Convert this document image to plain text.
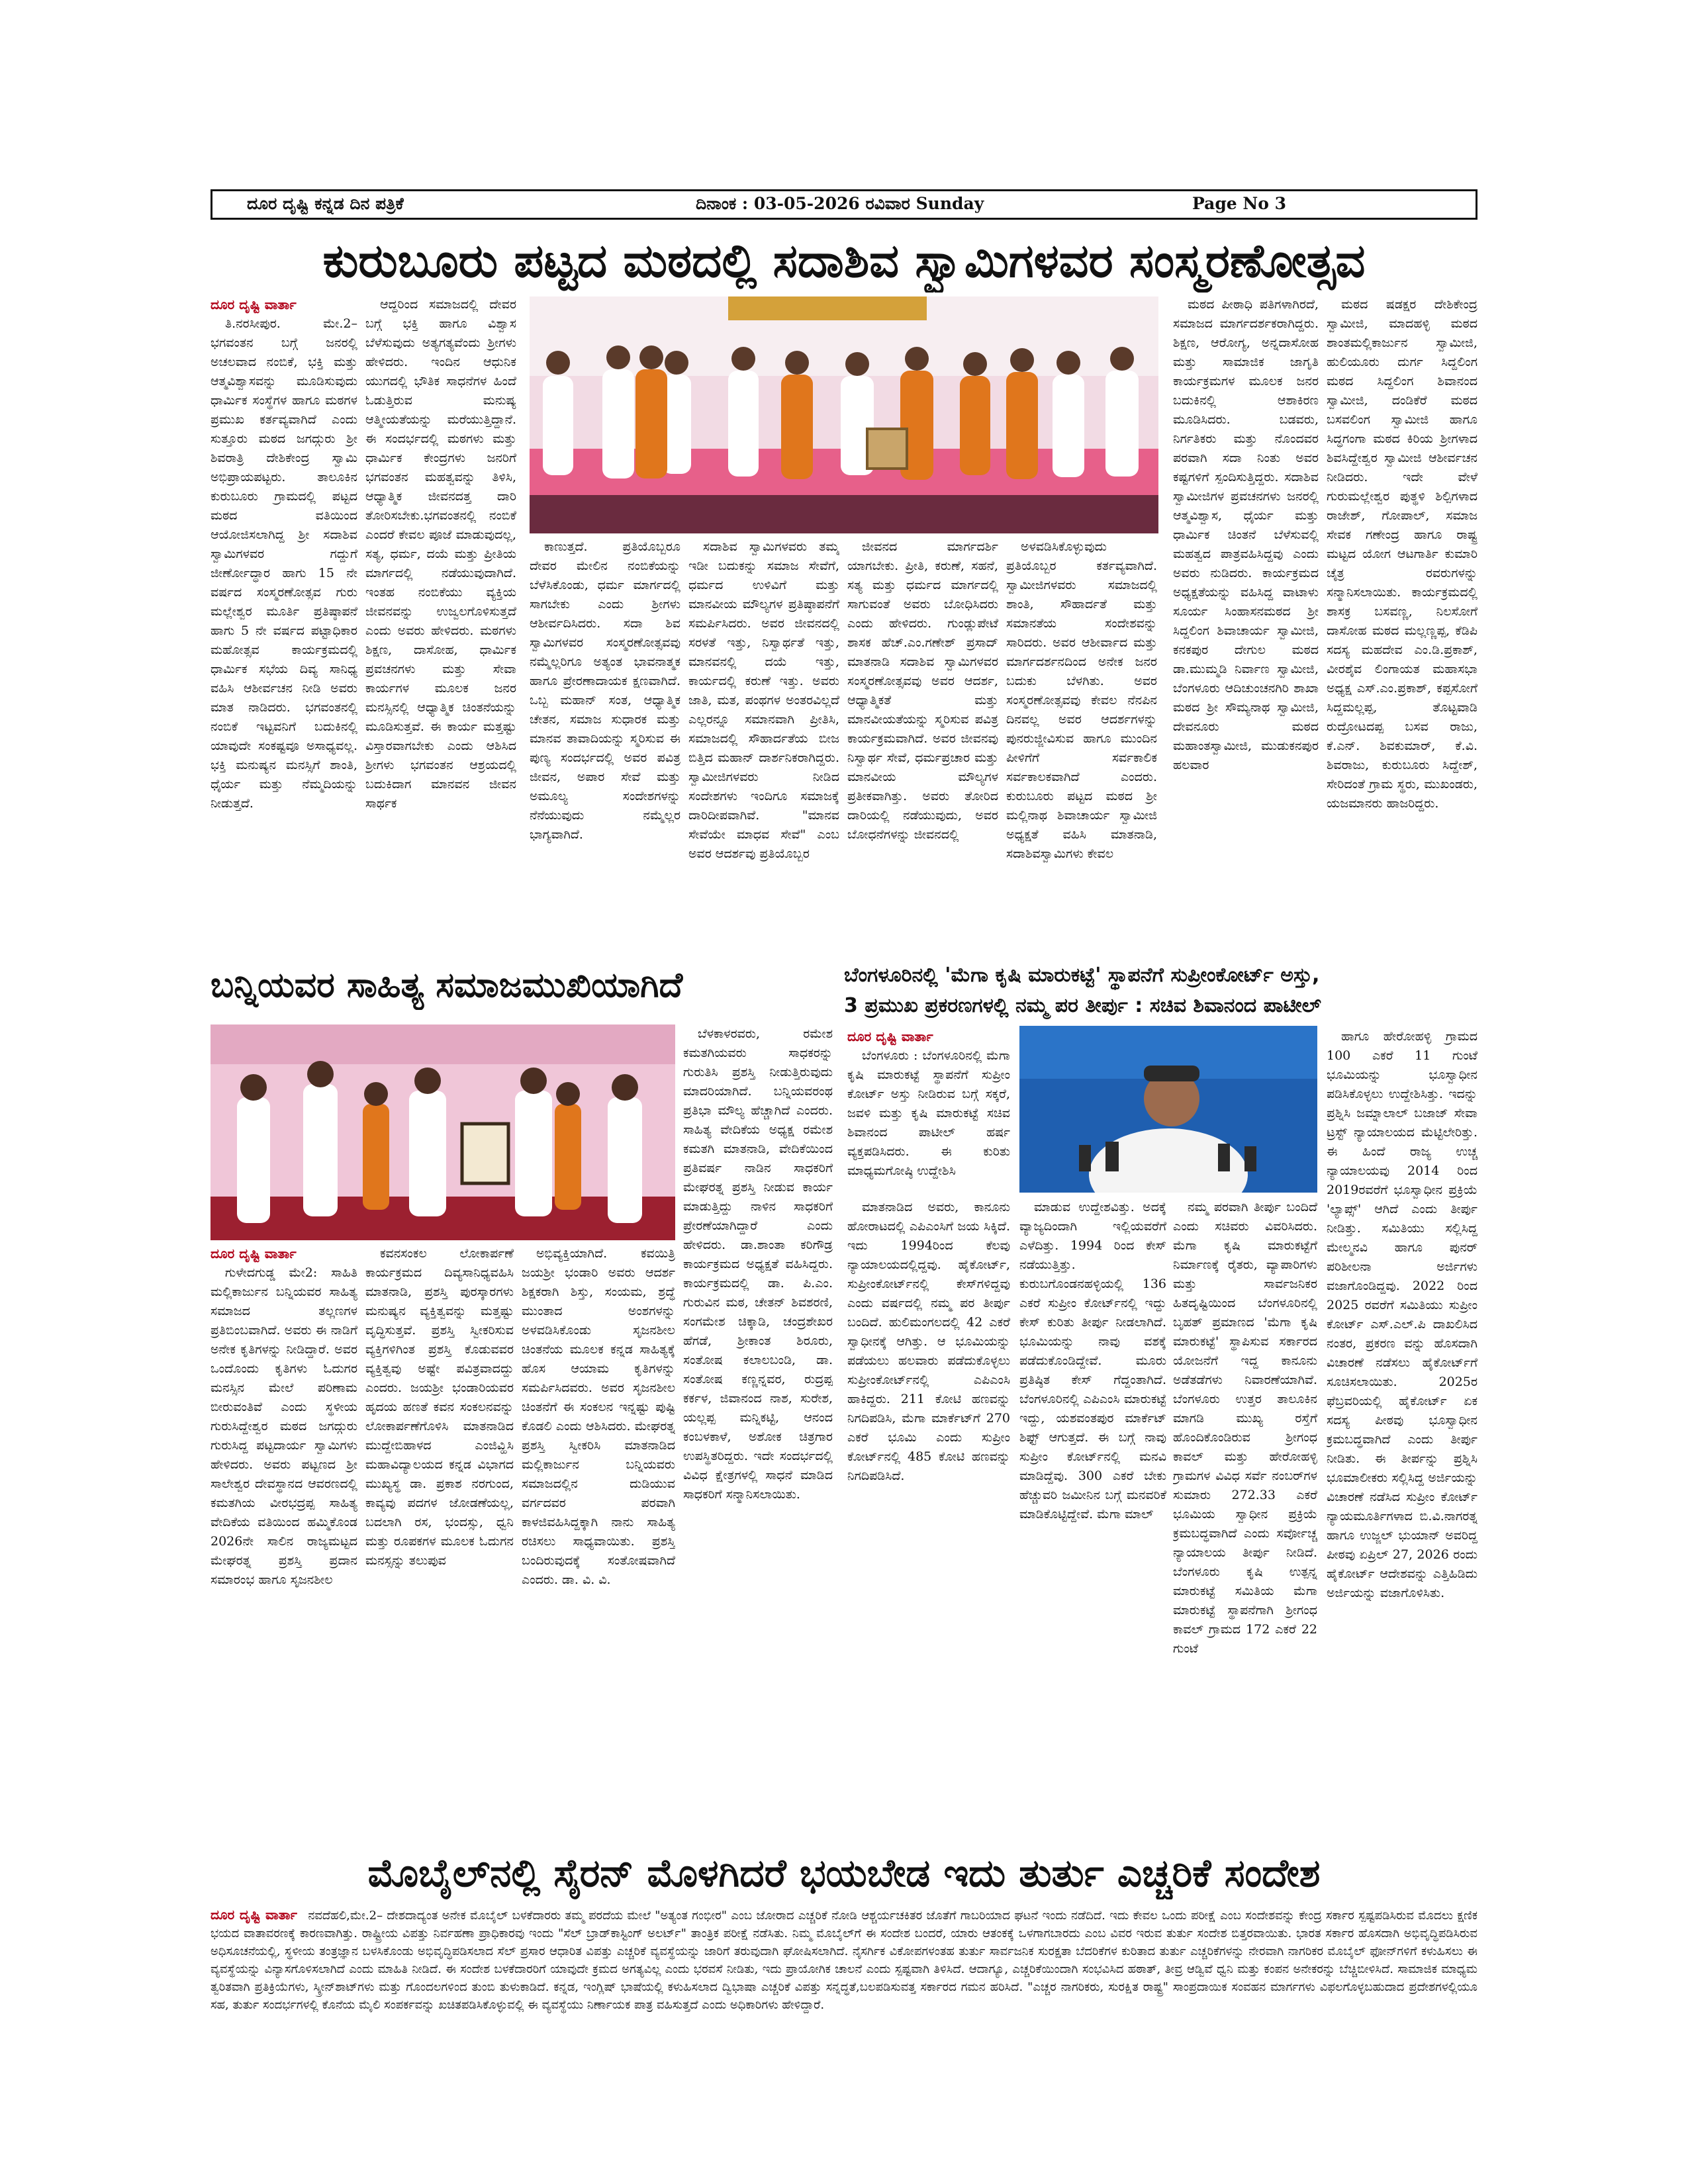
ದೂರ ದೃಷ್ಟಿ ಕನ್ನಡ ದಿನ ಪತ್ರಿಕೆ	ದಿನಾಂಕ : 03-05-2026 ರವಿವಾರ Sunday	Page No 3
ಕುರುಬೂರು ಪಟ್ಟದ ಮಠದಲ್ಲಿ ಸದಾಶಿವ ಸ್ವಾಮಿಗಳವರ ಸಂಸ್ಮರಣೋತ್ಸವ
ದೂರ ದೃಷ್ಟಿ ವಾರ್ತಾ

ತಿ.ನರಸೀಪುರ. ಮೇ.2– ಭಗವಂತನ ಬಗ್ಗೆ ಜನರಲ್ಲಿ ಅಚಲವಾದ ನಂಬಿಕೆ, ಭಕ್ತಿ ಮತ್ತು ಆತ್ಮವಿಶ್ವಾಸವನ್ನು ಮೂಡಿಸುವುದು ಧಾರ್ಮಿಕ ಸಂಸ್ಥೆಗಳ ಹಾಗೂ ಮಠಗಳ ಪ್ರಮುಖ ಕರ್ತವ್ಯವಾಗಿದೆ ಎಂದು ಸುತ್ತೂರು ಮಠದ ಜಗದ್ಗುರು ಶ್ರೀ ಶಿವರಾತ್ರಿ ದೇಶಿಕೇಂದ್ರ ಸ್ವಾಮಿ ಅಭಿಪ್ರಾಯಪಟ್ಟರು. ತಾಲೂಕಿನ ಕುರುಬೂರು ಗ್ರಾಮದಲ್ಲಿ ಪಟ್ಟದ ಮಠದ ವತಿಯಿಂದ ಆಯೋಜಿಸಲಾಗಿದ್ದ ಶ್ರೀ ಸದಾಶಿವ ಸ್ವಾಮಿಗಳವರ ಗದ್ದುಗೆ ಜೀರ್ಣೋದ್ಧಾರ ಹಾಗು 15 ನೇ ವರ್ಷದ ಸಂಸ್ಮರಣೋತ್ಸವ ಗುರು ಮಲ್ಲೇಶ್ವರ ಮೂರ್ತಿ ಪ್ರತಿಷ್ಠಾಪನೆ ಹಾಗು 5 ನೇ ವರ್ಷದ ಪಟ್ಟಾಧಿಕಾರ ಮಹೋತ್ಸವ ಕಾರ್ಯಕ್ರಮದಲ್ಲಿ ಧಾರ್ಮಿಕ ಸಭೆಯ ದಿವ್ಯ ಸಾನಿಧ್ಯ ವಹಿಸಿ ಆಶೀರ್ವಚನ ನೀಡಿ ಅವರು ಮಾತ ನಾಡಿದರು. ಭಗವಂತನಲ್ಲಿ ನಂಬಿಕೆ ಇಟ್ಟವನಿಗೆ ಬದುಕಿನಲ್ಲಿ ಯಾವುದೇ ಸಂಕಷ್ಟವೂ ಅಸಾಧ್ಯವಲ್ಲ. ಭಕ್ತಿ ಮನುಷ್ಯನ ಮನಸ್ಸಿಗೆ ಶಾಂತಿ, ಧೈರ್ಯ ಮತ್ತು ನೆಮ್ಮದಿಯನ್ನು ನೀಡುತ್ತದೆ.

ಆದ್ದರಿಂದ ಸಮಾಜದಲ್ಲಿ ದೇವರ ಬಗ್ಗೆ ಭಕ್ತಿ ಹಾಗೂ ವಿಶ್ವಾಸ ಬೆಳೆಸುವುದು ಅತ್ಯಗತ್ಯವೆಂದು ಶ್ರೀಗಳು ಹೇಳಿದರು. ಇಂದಿನ ಆಧುನಿಕ ಯುಗದಲ್ಲಿ ಭೌತಿಕ ಸಾಧನೆಗಳ ಹಿಂದೆ ಓಡುತ್ತಿರುವ ಮನುಷ್ಯ ಆತ್ಮೀಯತೆಯನ್ನು ಮರೆಯುತ್ತಿದ್ದಾನೆ. ಈ ಸಂದರ್ಭದಲ್ಲಿ ಮಠಗಳು ಮತ್ತು ಧಾರ್ಮಿಕ ಕೇಂದ್ರಗಳು ಜನರಿಗೆ ಭಗವಂತನ ಮಹತ್ವವನ್ನು ತಿಳಿಸಿ, ಆಧ್ಯಾತ್ಮಿಕ ಜೀವನದತ್ತ ದಾರಿ ತೋರಿಸಬೇಕು.ಭಗವಂತನಲ್ಲಿ ನಂಬಿಕೆ ಎಂದರೆ ಕೇವಲ ಪೂಜೆ ಮಾಡುವುದಲ್ಲ, ಸತ್ಯ, ಧರ್ಮ, ದಯೆ ಮತ್ತು ಪ್ರೀತಿಯ ಮಾರ್ಗದಲ್ಲಿ ನಡೆಯುವುದಾಗಿದೆ. ಇಂತಹ ನಂಬಿಕೆಯು ವ್ಯಕ್ತಿಯ ಜೀವನವನ್ನು ಉಜ್ವಲಗೊಳಿಸುತ್ತದೆ ಎಂದು ಅವರು ಹೇಳಿದರು. ಮಠಗಳು ಶಿಕ್ಷಣ, ದಾಸೋಹ, ಧಾರ್ಮಿಕ ಪ್ರವಚನಗಳು ಮತ್ತು ಸೇವಾ ಕಾರ್ಯಗಳ ಮೂಲಕ ಜನರ ಮನಸ್ಸಿನಲ್ಲಿ ಆಧ್ಯಾತ್ಮಿಕ ಚಿಂತನೆಯನ್ನು ಮೂಡಿಸುತ್ತವೆ. ಈ ಕಾರ್ಯ ಮತ್ತಷ್ಟು ವಿಸ್ತಾರವಾಗಬೇಕು ಎಂದು ಆಶಿಸಿದ ಶ್ರೀಗಳು ಭಗವಂತನ ಆಶ್ರಯದಲ್ಲಿ ಬದುಕಿದಾಗ ಮಾನವನ ಜೀವನ ಸಾರ್ಥಕ

ಕಾಣುತ್ತದೆ. ಪ್ರತಿಯೊಬ್ಬರೂ ದೇವರ ಮೇಲಿನ ನಂಬಿಕೆಯನ್ನು ಬೆಳೆಸಿಕೊಂಡು, ಧರ್ಮ ಮಾರ್ಗದಲ್ಲಿ ಸಾಗಬೇಕು ಎಂದು ಶ್ರೀಗಳು ಆಶೀರ್ವದಿಸಿದರು. ಸದಾ ಶಿವ ಸ್ವಾಮಿಗಳವರ ಸಂಸ್ಮರಣೋತ್ಸವವು ನಮ್ಮೆಲ್ಲರಿಗೂ ಅತ್ಯಂತ ಭಾವನಾತ್ಮಕ ಹಾಗೂ ಪ್ರೇರಣಾದಾಯಕ ಕ್ಷಣವಾಗಿದೆ. ಒಬ್ಬ ಮಹಾನ್ ಸಂತ, ಆಧ್ಯಾತ್ಮಿಕ ಚೇತನ, ಸಮಾಜ ಸುಧಾರಕ ಮತ್ತು ಮಾನವ ತಾವಾದಿಯನ್ನು ಸ್ಮರಿಸುವ ಈ ಪುಣ್ಯ ಸಂದರ್ಭದಲ್ಲಿ ಅವರ ಪವಿತ್ರ ಜೀವನ, ಅಪಾರ ಸೇವೆ ಮತ್ತು ಅಮೂಲ್ಯ ಸಂದೇಶಗಳನ್ನು ನೆನೆಯುವುದು ನಮ್ಮೆಲ್ಲರ ಭಾಗ್ಯವಾಗಿದೆ.

ಸದಾಶಿವ ಸ್ವಾಮಿಗಳವರು ತಮ್ಮ ಇಡೀ ಬದುಕನ್ನು ಸಮಾಜ ಸೇವೆಗೆ, ಧರ್ಮದ ಉಳಿವಿಗೆ ಮತ್ತು ಮಾನವೀಯ ಮೌಲ್ಯಗಳ ಪ್ರತಿಷ್ಠಾಪನೆಗೆ ಸಮರ್ಪಿಸಿದರು. ಅವರ ಜೀವನದಲ್ಲಿ ಸರಳತೆ ಇತ್ತು, ನಿಸ್ವಾರ್ಥತೆ ಇತ್ತು, ಮಾನವನಲ್ಲಿ ದಯೆ ಇತ್ತು, ಕಾರ್ಯದಲ್ಲಿ ಕರುಣೆ ಇತ್ತು. ಅವರು ಜಾತಿ, ಮತ, ಪಂಥಗಳ ಅಂತರವಿಲ್ಲದೆ ಎಲ್ಲರನ್ನೂ ಸಮಾನವಾಗಿ ಪ್ರೀತಿಸಿ, ಸಮಾಜದಲ್ಲಿ ಸೌಹಾರ್ದತೆಯ ಬೀಜ ಬಿತ್ತಿದ ಮಹಾನ್ ದಾರ್ಶನಿಕರಾಗಿದ್ದರು. ಸ್ವಾಮೀಜಿಗಳವರು ನೀಡಿದ ಸಂದೇಶಗಳು ಇಂದಿಗೂ ಸಮಾಜಕ್ಕೆ ದಾರಿದೀಪವಾಗಿವೆ. "ಮಾನವ ಸೇವೆಯೇ ಮಾಧವ ಸೇವೆ" ಎಂಬ ಅವರ ಆದರ್ಶವು ಪ್ರತಿಯೊಬ್ಬರ

ಜೀವನದ ಮಾರ್ಗದರ್ಶಿ ಯಾಗಬೇಕು. ಪ್ರೀತಿ, ಕರುಣೆ, ಸಹನೆ, ಸತ್ಯ ಮತ್ತು ಧರ್ಮದ ಮಾರ್ಗದಲ್ಲಿ ಸಾಗುವಂತೆ ಅವರು ಬೋಧಿಸಿದರು ಎಂದು ಹೇಳಿದರು. ಗುಂಡ್ಲುಪೇಟೆ ಶಾಸಕ ಹೆಚ್.ಎಂ.ಗಣೇಶ್ ಪ್ರಸಾದ್ ಮಾತನಾಡಿ ಸದಾಶಿವ ಸ್ವಾಮಿಗಳವರ ಸಂಸ್ಮರಣೋತ್ಸವವು ಅವರ ಆದರ್ಶ, ಆಧ್ಯಾತ್ಮಿಕತೆ ಮತ್ತು ಮಾನವೀಯತೆಯನ್ನು ಸ್ಮರಿಸುವ ಪವಿತ್ರ ಕಾರ್ಯಕ್ರಮವಾಗಿದೆ. ಅವರ ಜೀವನವು ನಿಸ್ವಾರ್ಥ ಸೇವೆ, ಧರ್ಮಪ್ರಚಾರ ಮತ್ತು ಮಾನವೀಯ ಮೌಲ್ಯಗಳ ಪ್ರತೀಕವಾಗಿತ್ತು. ಅವರು ತೋರಿದ ದಾರಿಯಲ್ಲಿ ನಡೆಯುವುದು, ಅವರ ಬೋಧನೆಗಳನ್ನು ಜೀವನದಲ್ಲಿ

ಅಳವಡಿಸಿಕೊಳ್ಳುವುದು ಪ್ರತಿಯೊಬ್ಬರ ಕರ್ತವ್ಯವಾಗಿದೆ. ಸ್ವಾಮೀಜಿಗಳವರು ಸಮಾಜದಲ್ಲಿ ಶಾಂತಿ, ಸೌಹಾರ್ದತೆ ಮತ್ತು ಸಮಾನತೆಯ ಸಂದೇಶವನ್ನು ಸಾರಿದರು. ಅವರ ಆಶೀರ್ವಾದ ಮತ್ತು ಮಾರ್ಗದರ್ಶನದಿಂದ ಅನೇಕ ಜನರ ಬದುಕು ಬೆಳಗಿತು. ಅವರ ಸಂಸ್ಮರಣೋತ್ಸವವು ಕೇವಲ ನೆನಪಿನ ದಿನವಲ್ಲ ಅವರ ಆದರ್ಶಗಳನ್ನು ಪುನರುಜ್ಜೀವಿಸುವ ಹಾಗೂ ಮುಂದಿನ ಪೀಳಿಗೆಗೆ ಸರ್ವಕಾಲಿಕ ಸರ್ವಕಾಲಕವಾಗಿದೆ ಎಂದರು. ಕುರುಬೂರು ಪಟ್ಟದ ಮಠದ ಶ್ರೀ ಮಲ್ಲಿನಾಥ ಶಿವಾಚಾರ್ಯ ಸ್ವಾಮೀಜಿ ಅಧ್ಯಕ್ಷತೆ ವಹಿಸಿ ಮಾತನಾಡಿ, ಸದಾಶಿವಸ್ವಾಮಿಗಳು ಕೇವಲ

ಮಠದ ಪೀಠಾಧಿ ಪತಿಗಳಾಗಿರದೆ, ಸಮಾಜದ ಮಾರ್ಗದರ್ಶಕರಾಗಿದ್ದರು. ಶಿಕ್ಷಣ, ಆರೋಗ್ಯ, ಅನ್ನದಾಸೋಹ ಮತ್ತು ಸಾಮಾಜಿಕ ಜಾಗೃತಿ ಕಾರ್ಯಕ್ರಮಗಳ ಮೂಲಕ ಜನರ ಬದುಕಿನಲ್ಲಿ ಆಶಾಕಿರಣ ಮೂಡಿಸಿದರು. ಬಡವರು, ನಿರ್ಗತಿಕರು ಮತ್ತು ನೊಂದವರ ಪರವಾಗಿ ಸದಾ ನಿಂತು ಅವರ ಕಷ್ಟಗಳಿಗೆ ಸ್ಪಂದಿಸುತ್ತಿದ್ದರು. ಸದಾಶಿವ ಸ್ವಾಮೀಜಿಗಳ ಪ್ರವಚನಗಳು ಜನರಲ್ಲಿ ಆತ್ಮವಿಶ್ವಾಸ, ಧೈರ್ಯ ಮತ್ತು ಧಾರ್ಮಿಕ ಚಿಂತನೆ ಬೆಳೆಸುವಲ್ಲಿ ಮಹತ್ವದ ಪಾತ್ರವಹಿಸಿದ್ದವು ಎಂದು ಅವರು ನುಡಿದರು. ಕಾರ್ಯಕ್ರಮದ ಅಧ್ಯಕ್ಷತೆಯನ್ನು ವಹಿಸಿದ್ದ ವಾಟಾಳು ಸೂರ್ಯ ಸಿಂಹಾಸನಮಠದ ಶ್ರೀ ಸಿದ್ದಲಿಂಗ ಶಿವಾಚಾರ್ಯ ಸ್ವಾಮೀಜಿ, ಕನಕಪುರ ದೇಗುಲ ಮಠದ ಡಾ.ಮುಮ್ಮಡಿ ನಿರ್ವಾಣ ಸ್ವಾಮೀಜಿ, ಬೆಂಗಳೂರು ಆದಿಚುಂಚನಗಿರಿ ಶಾಖಾ ಮಠದ ಶ್ರೀ ಸೌಮ್ಯನಾಥ ಸ್ವಾಮೀಜಿ, ದೇವನೂರು ಮಠದ ಮಹಾಂತಸ್ವಾಮೀಜಿ, ಮುಡುಕನಪುರ ಹಲವಾರ

ಮಠದ ಷಡಕ್ಷರ ದೇಶಿಕೇಂದ್ರ ಸ್ವಾಮೀಜಿ, ಮಾದಹಳ್ಳಿ ಮಠದ ಶಾಂತಮಲ್ಲಿಕಾರ್ಜುನ ಸ್ವಾಮೀಜಿ, ಹುಲಿಯೂರು ದುರ್ಗ ಸಿದ್ದಲಿಂಗ ಮಠದ ಸಿದ್ದಲಿಂಗ ಶಿವಾನಂದ ಸ್ವಾಮೀಜಿ, ದಂಡಿಕೆರೆ ಮಠದ ಬಸವಲಿಂಗ ಸ್ವಾಮೀಜಿ ಹಾಗೂ ಸಿದ್ಧಗಂಗಾ ಮಠದ ಕಿರಿಯ ಶ್ರೀಗಳಾದ ಶಿವಸಿದ್ದೇಶ್ವರ ಸ್ವಾಮೀಜಿ ಆಶೀರ್ವಚನ ನೀಡಿದರು. ಇದೇ ವೇಳೆ ಗುರುಮಲ್ಲೇಶ್ವರ ಪುತ್ಥಳಿ ಶಿಲ್ಪಿಗಳಾದ ರಾಜೇಶ್, ಗೋಪಾಲ್, ಸಮಾಜ ಸೇವಕ ಗಣೇಂದ್ರ ಹಾಗೂ ರಾಷ್ಟ್ರ ಮಟ್ಟದ ಯೋಗ ಆಟಗಾರ್ತಿ ಕುಮಾರಿ ಚೈತ್ರ ರವರುಗಳನ್ನು ಸನ್ಮಾನಿಸಲಾಯಿತು. ಕಾರ್ಯಕ್ರಮದಲ್ಲಿ ಶಾಸಕ್ರ ಬಸವಣ್ಣ, ನಿಲಸೋಗೆ ದಾಸೋಹ ಮಠದ ಮಲ್ಲಣ್ಣಪ್ಪ, ಕೆಡಿಪಿ ಸದಸ್ಯ ಮಹದೇವ ಎಂ.ಡಿ.ಪ್ರಕಾಶ್, ವೀರಶೈವ ಲಿಂಗಾಯತ ಮಹಾಸಭಾ ಅಧ್ಯಕ್ಷ ಎಸ್.ಎಂ.ಪ್ರಕಾಶ್, ಕಪ್ಪಸೋಗೆ ಸಿದ್ದಮಲ್ಲಪ್ಪ, ತೊಟ್ಟವಾಡಿ ರುದ್ರೋಟದಪ್ಪ ಬಸವ ರಾಜು, ಕೆ.ಎನ್. ಶಿವಕುಮಾರ್, ಕೆ.ವಿ. ಶಿವರಾಜು, ಕುರುಬೂರು ಸಿದ್ದೇಶ್, ಸೇರಿದಂತೆ ಗ್ರಾಮ ಸ್ಥರು, ಮುಖಂಡರು, ಯಜಮಾನರು ಹಾಜರಿದ್ದರು.

ಬನ್ನಿಯವರ ಸಾಹಿತ್ಯ ಸಮಾಜಮುಖಿಯಾಗಿದೆ
ದೂರ ದೃಷ್ಟಿ ವಾರ್ತಾ

ಗುಳೇದಗುಡ್ಡ ಮೇ2: ಸಾಹಿತಿ ಮಲ್ಲಿಕಾರ್ಜುನ ಬನ್ನಿಯವರ ಸಾಹಿತ್ಯ ಸಮಾಜದ ತಲ್ಲಣಗಳ ಪ್ರತಿಬಿಂಬವಾಗಿದೆ. ಅವರು ಈ ನಾಡಿಗೆ ಅನೇಕ ಕೃತಿಗಳನ್ನು ನೀಡಿದ್ದಾರೆ. ಅವರ ಒಂದೊಂದು ಕೃತಿಗಳು ಓದುಗರ ಮನಸ್ಸಿನ ಮೇಲೆ ಪರಿಣಾಮ ಬೀರುವಂತಿವೆ ಎಂದು ಸ್ಥಳೀಯ ಗುರುಸಿದ್ದೇಶ್ವರ ಮಠದ ಜಗದ್ಗುರು ಗುರುಸಿದ್ದ ಪಟ್ಟದಾರ್ಯ ಸ್ವಾಮಿಗಳು ಹೇಳಿದರು. ಅವರು ಪಟ್ಟಣದ ಶ್ರೀ ಸಾಲೇಶ್ವರ ದೇವಸ್ಥಾನದ ಆವರಣದಲ್ಲಿ ಕಮತಗಿಯ ವೀರಭದ್ರಪ್ಪ ಸಾಹಿತ್ಯ ವೇದಿಕೆಯ ವತಿಯಿಂದ ಹಮ್ಮಿಕೊಂಡ 2026ನೇ ಸಾಲಿನ ರಾಜ್ಯಮಟ್ಟದ ಮೇಘರತ್ನ ಪ್ರಶಸ್ತಿ ಪ್ರದಾನ ಸಮಾರಂಭ ಹಾಗೂ ಸೃಜನಶೀಲ

ಕವನಸಂಕಲ ಲೋಕಾರ್ಪಣೆ ಕಾರ್ಯಕ್ರಮದ ದಿವ್ಯಸಾನಿಧ್ಯವಹಿಸಿ ಮಾತನಾಡಿ, ಪ್ರಶಸ್ತಿ ಪುರಸ್ಕಾರಗಳು ಮನುಷ್ಯನ ವ್ಯಕ್ತಿತ್ವವನ್ನು ಮತ್ತಷ್ಟು ವೃದ್ಧಿಸುತ್ತವೆ. ಪ್ರಶಸ್ತಿ ಸ್ವೀಕರಿಸುವ ವ್ಯಕ್ತಿಗಳಿಗಿಂತ ಪ್ರಶಸ್ತಿ ಕೊಡುವವರ ವ್ಯಕ್ತಿತ್ವವು ಅಷ್ಟೇ ಪವಿತ್ರವಾದದ್ದು ಎಂದರು. ಜಯಶ್ರೀ ಭಂಡಾರಿಯವರ ಹೃದಯ ಹಣತೆ ಕವನ ಸಂಕಲನವನ್ನು ಲೋಕಾರ್ಪಣೆಗೊಳಿಸಿ ಮಾತನಾಡಿದ ಮುದ್ದೇಬಿಹಾಳದ ಎಂಜಿವ್ಹಿಸಿ ಮಹಾವಿದ್ಯಾಲಯದ ಕನ್ನಡ ವಿಭಾಗದ ಮುಖ್ಯಸ್ಥ ಡಾ. ಪ್ರಕಾಶ ನರಗುಂದ, ಕಾವ್ಯವು ಪದಗಳ ಜೋಡಣೆಯಲ್ಲ, ಬದಲಾಗಿ ರಸ, ಭಂದಸ್ಸು, ಧ್ವನಿ ಮತ್ತು ರೂಪಕಗಳ ಮೂಲಕ ಓದುಗನ ಮನಸ್ಸನ್ನು ತಲುಪುವ

ಅಭಿವ್ಯಕ್ತಿಯಾಗಿದೆ. ಕವಯಿತ್ರಿ ಜಯಶ್ರೀ ಭಂಡಾರಿ ಅವರು ಆದರ್ಶ ಶಿಕ್ಷಕರಾಗಿ ಶಿಸ್ತು, ಸಂಯಮ, ಶ್ರದ್ಧೆ ಮುಂತಾದ ಅಂಶಗಳನ್ನು ಅಳವಡಿಸಿಕೊಂಡು ಸೃಜನಶೀಲ ಚಿಂತನೆಯ ಮೂಲಕ ಕನ್ನಡ ಸಾಹಿತ್ಯಕ್ಕೆ ಹೊಸ ಆಯಾಮ ಕೃತಿಗಳನ್ನು ಸಮರ್ಪಿಸಿದವರು. ಅವರ ಸೃಜನಶೀಲ ಚಿಂತನೆಗೆ ಈ ಸಂಕಲನ ಇನ್ನಷ್ಟು ಪುಷ್ಟಿ ಕೊಡಲಿ ಎಂದು ಆಶಿಸಿದರು. ಮೇಘರತ್ನ ಪ್ರಶಸ್ತಿ ಸ್ವೀಕರಿಸಿ ಮಾತನಾಡಿದ ಮಲ್ಲಿಕಾರ್ಜುನ ಬನ್ನಿಯವರು ಸಮಾಜದಲ್ಲಿನ ದುಡಿಯುವ ವರ್ಗದವರ ಪರವಾಗಿ ಕಾಳಜಿವಹಿಸಿದ್ದಕ್ಕಾಗಿ ನಾನು ಸಾಹಿತ್ಯ ರಚಿಸಲು ಸಾಧ್ಯವಾಯಿತು. ಪ್ರಶಸ್ತಿ ಬಂದಿರುವುದಕ್ಕೆ ಸಂತೋಷವಾಗಿದೆ ಎಂದರು. ಡಾ. ವಿ. ವಿ.

ಬೆಳಕಾಳರವರು, ರಮೇಶ ಕಮತಗಿಯವರು ಸಾಧಕರನ್ನು ಗುರುತಿಸಿ ಪ್ರಶಸ್ತಿ ನೀಡುತ್ತಿರುವುದು ಮಾದರಿಯಾಗಿದೆ. ಬನ್ನಿಯವರಂಥ ಪ್ರತಿಭಾ ಮೌಲ್ಯ ಹೆಚ್ಚಾಗಿದೆ ಎಂದರು. ಸಾಹಿತ್ಯ ವೇದಿಕೆಯ ಅಧ್ಯಕ್ಷ ರಮೇಶ ಕಮತಗಿ ಮಾತನಾಡಿ, ವೇದಿಕೆಯಿಂದ ಪ್ರತಿವರ್ಷ ನಾಡಿನ ಸಾಧಕರಿಗೆ ಮೇಘರತ್ನ ಪ್ರಶಸ್ತಿ ನೀಡುವ ಕಾರ್ಯ ಮಾಡುತ್ತಿದ್ದು ನಾಳಿನ ಸಾಧಕರಿಗೆ ಪ್ರೇರಣೆಯಾಗಿದ್ದಾರೆ ಎಂದು ಹೇಳಿದರು. ಡಾ.ಶಾಂತಾ ಕರಿಗೌಡ್ರ ಕಾರ್ಯಕ್ರಮದ ಅಧ್ಯಕ್ಷತೆ ವಹಿಸಿದ್ದರು. ಕಾರ್ಯಕ್ರಮದಲ್ಲಿ ಡಾ. ಪಿ.ಎಂ. ಗುರುವಿನ ಮಠ, ಚೇತನ್ ಶಿವಶರಣಿ, ಸಂಗಮೇಶ ಚಿಕ್ಕಾಡಿ, ಚಂದ್ರಶೇಖರ ಹೆಗಡೆ, ಶ್ರೀಕಾಂತ ಶಿರೂರು, ಸಂತೋಷ ಕಲಾಲಬಂಡಿ, ಡಾ. ಸಂತೋಷ ಕಣ್ಣನ್ನವರ, ರುದ್ರಪ್ಪ ಕರ್ಕಳ, ಜಿವಾನಂದ ನಾಶ, ಸುರೇಶ, ಯಲ್ಲಪ್ಪ ಮನ್ನಿಕಟ್ಟಿ, ಆನಂದ ಕಂಬಳಕಾಳೆ, ಅಶೋಕ ಚಿತ್ರಗಾರ ಉಪಸ್ಥಿತರಿದ್ದರು. ಇದೇ ಸಂದರ್ಭದಲ್ಲಿ ವಿವಿಧ ಕ್ಷೇತ್ರಗಳಲ್ಲಿ ಸಾಧನೆ ಮಾಡಿದ ಸಾಧಕರಿಗೆ ಸನ್ಮಾನಿಸಲಾಯಿತು.

ಬೆಂಗಳೂರಿನಲ್ಲಿ 'ಮೆಗಾ ಕೃಷಿ ಮಾರುಕಟ್ಟೆ' ಸ್ಥಾಪನೆಗೆ ಸುಪ್ರೀಂಕೋರ್ಟ್ ಅಸ್ತು,
3 ಪ್ರಮುಖ ಪ್ರಕರಣಗಳಲ್ಲಿ ನಮ್ಮ ಪರ ತೀರ್ಪು : ಸಚಿವ ಶಿವಾನಂದ ಪಾಟೀಲ್
ದೂರ ದೃಷ್ಟಿ ವಾರ್ತಾ

ಬೆಂಗಳೂರು : ಬೆಂಗಳೂರಿನಲ್ಲಿ ಮೆಗಾ ಕೃಷಿ ಮಾರುಕಟ್ಟೆ ಸ್ಥಾಪನೆಗೆ ಸುಪ್ರೀಂ ಕೋರ್ಟ್ ಅಸ್ತು ನೀಡಿರುವ ಬಗ್ಗೆ ಸಕ್ಕರೆ, ಜವಳಿ ಮತ್ತು ಕೃಷಿ ಮಾರುಕಟ್ಟೆ ಸಚಿವ ಶಿವಾನಂದ ಪಾಟೀಲ್ ಹರ್ಷ ವ್ಯಕ್ತಪಡಿಸಿದರು. ಈ ಕುರಿತು ಮಾಧ್ಯಮಗೋಷ್ಠಿ ಉದ್ದೇಶಿಸಿ

ಮಾತನಾಡಿದ ಅವರು, ಕಾನೂನು ಹೋರಾಟದಲ್ಲಿ ಎಪಿಎಂಸಿಗೆ ಜಯ ಸಿಕ್ಕಿದೆ. ಇದು 1994ರಿಂದ ಕೆಲವು ನ್ಯಾಯಾಲಯದಲ್ಲಿದ್ದವು. ಹೈಕೋರ್ಟ್, ಸುಪ್ರೀಂಕೋರ್ಟ್‌ನಲ್ಲಿ ಕೇಸ್‌ಗಳಿದ್ದವು ಎಂದು ವರ್ಷದಲ್ಲಿ ನಮ್ಮ ಪರ ತೀರ್ಪು ಬಂದಿದೆ. ಹುಲಿಮಂಗಲದಲ್ಲಿ 42 ಎಕರೆ ಸ್ವಾಧೀನಕ್ಕೆ ಆಗಿತ್ತು. ಆ ಭೂಮಿಯನ್ನು ಪಡೆಯಲು ಹಲವಾರು ಪಡೆದುಕೊಳ್ಳಲು ಸುಪ್ರೀಂಕೋರ್ಟ್‌ನಲ್ಲಿ ಎಪಿಎಂಸಿ ಹಾಕಿದ್ದರು. 211 ಕೋಟಿ ಹಣವನ್ನು ನಿಗದಿಪಡಿಸಿ, ಮೆಗಾ ಮಾರ್ಕೆಟ್‌ಗೆ 270 ಎಕರೆ ಭೂಮಿ ಎಂದು ಸುಪ್ರೀಂ ಕೋರ್ಟ್‌ನಲ್ಲಿ 485 ಕೋಟಿ ಹಣವನ್ನು ನಿಗದಿಪಡಿಸಿದೆ.

ಮಾಡುವ ಉದ್ದೇಶವಿತ್ತು. ಅದಕ್ಕೆ ವ್ಯಾಜ್ಯದಿಂದಾಗಿ ಇಲ್ಲಿಯವರೆಗೆ ಎಳೆದಿತ್ತು. 1994 ರಿಂದ ಕೇಸ್ ನಡೆಯುತ್ತಿತ್ತು. ಕುರುಬಗೊಂಡನಹಳ್ಳಿಯಲ್ಲಿ 136 ಎಕರೆ ಸುಪ್ರೀಂ ಕೋರ್ಟ್‌ನಲ್ಲಿ ಇದ್ದು ಕೇಸ್‌ ಕುರಿತು ತೀರ್ಪು ನೀಡಲಾಗಿದೆ. ಭೂಮಿಯನ್ನು ನಾವು ವಶಕ್ಕೆ ಪಡೆದುಕೊಂಡಿದ್ದೇವೆ. ಮೂರು ಪ್ರತಿಷ್ಠಿತ ಕೇಸ್ ಗೆದ್ದಂತಾಗಿದೆ. ಬೆಂಗಳೂರಿನಲ್ಲಿ ಎಪಿಎಂಸಿ ಮಾರುಕಟ್ಟೆ ಇದ್ದು, ಯಶವಂತಪುರ ಮಾರ್ಕೆಟ್ ಶಿಫ್ಟ್ ಆಗುತ್ತದೆ. ಈ ಬಗ್ಗೆ ನಾವು ಸುಪ್ರೀಂ ಕೋರ್ಟ್‌ನಲ್ಲಿ ಮನವಿ ಮಾಡಿದ್ದೆವು. 300 ಎಕರೆ ಬೇಕು ಹೆಚ್ಚುವರಿ ಜಮೀನಿನ ಬಗ್ಗೆ ಮನವರಿಕೆ ಮಾಡಿಕೊಟ್ಟಿದ್ದೇವೆ. ಮೆಗಾ ಮಾಲ್

ನಮ್ಮ ಪರವಾಗಿ ತೀರ್ಪು ಬಂದಿದೆ ಎಂದು ಸಚಿವರು ವಿವರಿಸಿದರು. ಮೆಗಾ ಕೃಷಿ ಮಾರುಕಟ್ಟೆಗೆ ನಿರ್ಮಾಣಕ್ಕೆ ರೈತರು, ವ್ಯಾಪಾರಿಗಳು ಮತ್ತು ಸಾರ್ವಜನಿಕರ ಹಿತದೃಷ್ಟಿಯಿಂದ ಬೆಂಗಳೂರಿನಲ್ಲಿ ಬೃಹತ್ ಪ್ರಮಾಣದ 'ಮೆಗಾ ಕೃಷಿ ಮಾರುಕಟ್ಟೆ' ಸ್ಥಾಪಿಸುವ ಸರ್ಕಾರದ ಯೋಜನೆಗೆ ಇದ್ದ ಕಾನೂನು ಅಡೆತಡೆಗಳು ನಿವಾರಣೆಯಾಗಿವೆ. ಬೆಂಗಳೂರು ಉತ್ತರ ತಾಲೂಕಿನ ಮಾಗಡಿ ಮುಖ್ಯ ರಸ್ತೆಗೆ ಹೊಂದಿಕೊಂಡಿರುವ ಶ್ರೀಗಂಧ ಕಾವಲ್ ಮತ್ತು ಹೇರೋಹಳ್ಳಿ ಗ್ರಾಮಗಳ ವಿವಿಧ ಸರ್ವೆ ನಂಬರ್‌ಗಳ ಸುಮಾರು 272.33 ಎಕರೆ ಭೂಮಿಯ ಸ್ವಾಧೀನ ಪ್ರಕ್ರಿಯೆ ಕ್ರಮಬದ್ಧವಾಗಿದೆ ಎಂದು ಸರ್ವೋಚ್ಚ ನ್ಯಾಯಾಲಯ ತೀರ್ಪು ನೀಡಿದೆ. ಬೆಂಗಳೂರು ಕೃಷಿ ಉತ್ಪನ್ನ ಮಾರುಕಟ್ಟೆ ಸಮಿತಿಯ ಮೆಗಾ ಮಾರುಕಟ್ಟೆ ಸ್ಥಾಪನೆಗಾಗಿ ಶ್ರೀಗಂಧ ಕಾವಲ್ ಗ್ರಾಮದ 172 ಎಕರೆ 22 ಗುಂಟೆ

ಹಾಗೂ ಹೇರೋಹಳ್ಳಿ ಗ್ರಾಮದ 100 ಎಕರೆ 11 ಗುಂಟೆ ಭೂಮಿಯನ್ನು ಭೂಸ್ವಾಧೀನ ಪಡಿಸಿಕೊಳ್ಳಲು ಉದ್ದೇಶಿಸಿತ್ತು. ಇದನ್ನು ಪ್ರಶ್ನಿಸಿ ಜಮ್ನಾಲಾಲ್ ಬಜಾಜ್ ಸೇವಾ ಟ್ರಸ್ಟ್ ನ್ಯಾಯಾಲಯದ ಮೆಟ್ಟಿಲೇರಿತ್ತು. ಈ ಹಿಂದೆ ರಾಜ್ಯ ಉಚ್ಚ ನ್ಯಾಯಾಲಯವು 2014 ರಿಂದ 2019ರವರೆಗೆ ಭೂಸ್ವಾಧೀನ ಪ್ರಕ್ರಿಯೆ 'ಲ್ಯಾಪ್ಸ್' ಆಗಿದೆ ಎಂದು ತೀರ್ಪು ನೀಡಿತ್ತು. ಸಮಿತಿಯು ಸಲ್ಲಿಸಿದ್ದ ಮೇಲ್ಮನವಿ ಹಾಗೂ ಪುನರ್ ಪರಿಶೀಲನಾ ಅರ್ಜಿಗಳು ವಜಾಗೊಂಡಿದ್ದವು. 2022 ರಿಂದ 2025 ರವರೆಗೆ ಸಮಿತಿಯು ಸುಪ್ರೀಂ ಕೋರ್ಟ್ ಎಸ್.ಎಲ್.ಪಿ ದಾಖಲಿಸಿದ ನಂತರ, ಪ್ರಕರಣ ವನ್ನು ಹೊಸದಾಗಿ ವಿಚಾರಣೆ ನಡೆಸಲು ಹೈಕೋರ್ಟ್‌ಗೆ ಸೂಚಿಸಲಾಯಿತು. 2025ರ ಫೆಬ್ರವರಿಯಲ್ಲಿ ಹೈಕೋರ್ಟ್ ಏಕ ಸದಸ್ಯ ಪೀಠವು ಭೂಸ್ವಾಧೀನ ಕ್ರಮಬದ್ಧವಾಗಿದೆ ಎಂದು ತೀರ್ಪು ನೀಡಿತು. ಈ ತೀರ್ಪನ್ನು ಪ್ರಶ್ನಿಸಿ ಭೂಮಾಲೀಕರು ಸಲ್ಲಿಸಿದ್ದ ಅರ್ಜಿಯನ್ನು ವಿಚಾರಣೆ ನಡೆಸಿದ ಸುಪ್ರೀಂ ಕೋರ್ಟ್ ನ್ಯಾಯಮೂರ್ತಿಗಳಾದ ಬಿ.ವಿ.ನಾಗರತ್ನ ಹಾಗೂ ಉಜ್ಜಲ್ ಭುಯಾನ್ ಅವರಿದ್ದ ಪೀಠವು ಏಪ್ರಿಲ್ 27, 2026 ರಂದು ಹೈಕೋರ್ಟ್ ಆದೇಶವನ್ನು ಎತ್ತಿಹಿಡಿದು ಅರ್ಜಿಯನ್ನು ವಜಾಗೊಳಿಸಿತು.

ಮೊಬೈಲ್‌ನಲ್ಲಿ ಸೈರನ್ ಮೊಳಗಿದರೆ ಭಯಬೇಡ ಇದು ತುರ್ತು ಎಚ್ಚರಿಕೆ ಸಂದೇಶ
ದೂರ ದೃಷ್ಟಿ ವಾರ್ತಾ ನವದೆಹಲಿ,ಮೇ.2– ದೇಶದಾದ್ಯಂತ ಅನೇಕ ಮೊಬೈಲ್ ಬಳಕೆದಾರರು ತಮ್ಮ ಪರದೆಯ ಮೇಲೆ "ಅತ್ಯಂತ ಗಂಭೀರ" ಎಂಬ ಜೋರಾದ ಎಚ್ಚರಿಕೆ ನೋಡಿ ಆಶ್ಚರ್ಯಚಕಿತರ ಜೊತೆಗೆ ಗಾಬರಿಯಾದ ಘಟನೆ ಇಂದು ನಡೆದಿದೆ. ಇದು ಕೇವಲ ಒಂದು ಪರೀಕ್ಷೆ ಎಂಬ ಸಂದೇಶವನ್ನು ಕೇಂದ್ರ ಸರ್ಕಾರ ಸ್ಪಷ್ಟಪಡಿಸಿರುವ ಮೊದಲು ಕ್ಷಣಿಕ ಭಯದ ವಾತಾವರಣಕ್ಕೆ ಕಾರಣವಾಗಿತ್ತು. ರಾಷ್ಟ್ರೀಯ ವಿಪತ್ತು ನಿರ್ವಹಣಾ ಪ್ರಾಧಿಕಾರವು ಇಂದು "ಸೆಲ್ ಬ್ರಾಡ್‌ಕಾಸ್ಟಿಂಗ್ ಅಲರ್ಟ್" ತಾಂತ್ರಿಕ ಪರೀಕ್ಷೆ ನಡೆಸಿತು. ನಿಮ್ಮ ಮೊಬೈಲ್‌ಗೆ ಈ ಸಂದೇಶ ಬಂದರೆ, ಯಾರು ಆತಂಕಕ್ಕೆ ಒಳಗಾಗಬಾರದು ಎಂಬ ವಿವರ ಇರುವ ತುರ್ತು ಸಂದೇಶ ಬಿತ್ತರವಾಯಿತು. ಭಾರತ ಸರ್ಕಾರ ಹೊಸದಾಗಿ ಅಭಿವೃದ್ಧಿಪಡಿಸಿರುವ ಅಧಿಸೂಚನೆಯಲ್ಲಿ, ಸ್ಥಳೀಯ ತಂತ್ರಜ್ಞಾನ ಬಳಸಿಕೊಂಡು ಅಭಿವೃದ್ಧಿಪಡಿಸಲಾದ ಸೆಲ್ ಪ್ರಸಾರ ಆಧಾರಿತ ವಿಪತ್ತು ಎಚ್ಚರಿಕೆ ವ್ಯವಸ್ಥೆಯನ್ನು ಜಾರಿಗೆ ತರುವುದಾಗಿ ಘೋಷಿಸಲಾಗಿದೆ. ನೈಸರ್ಗಿಕ ವಿಕೋಪಗಳಂತಹ ತುರ್ತು ಸಾರ್ವಜನಿಕ ಸುರಕ್ಷತಾ ಬೆದರಿಕೆಗಳ ಕುರಿತಾದ ತುರ್ತು ಎಚ್ಚರಿಕೆಗಳನ್ನು ನೇರವಾಗಿ ನಾಗರಿಕರ ಮೊಬೈಲ್ ಫೋನ್‌ಗಳಿಗೆ ಕಳುಹಿಸಲು ಈ ವ್ಯವಸ್ಥೆಯನ್ನು ವಿನ್ಯಾಸಗೊಳಿಸಲಾಗಿದೆ ಎಂದು ಮಾಹಿತಿ ನೀಡಿದೆ. ಈ ಸಂದೇಶ ಬಳಕೆದಾರರಿಗೆ ಯಾವುದೇ ಕ್ರಮದ ಅಗತ್ಯವಿಲ್ಲ ಎಂದು ಭರವಸೆ ನೀಡಿತು, ಇದು ಪ್ರಾಯೋಗಿಕ ಚಾಲನೆ ಎಂದು ಸ್ಪಷ್ಟವಾಗಿ ತಿಳಿಸಿದೆ. ಆದಾಗ್ಯೂ, ಎಚ್ಚರಿಕೆಯಿಂದಾಗಿ ಸಂಭವಿಸಿದ ಹಠಾತ್, ತೀವ್ರ ಆಡ್ವಿವೆ ಧ್ವನಿ ಮತ್ತು ಕಂಪನ ಅನೇಕರನ್ನು ಬೆಚ್ಚಿಬೀಳಿಸಿದೆ. ಸಾಮಾಜಿಕ ಮಾಧ್ಯಮ ತ್ವರಿತವಾಗಿ ಪ್ರತಿಕ್ರಿಯೆಗಳು, ಸ್ಕ್ರೀನ್‌ಶಾಟ್‌ಗಳು ಮತ್ತು ಗೊಂದಲಗಳಿಂದ ತುಂಬಿ ತುಳುಕಾಡಿದೆ. ಕನ್ನಡ, ಇಂಗ್ಲಿಷ್ ಭಾಷೆಯಲ್ಲಿ ಕಳುಹಿಸಲಾದ ದ್ವಿಭಾಷಾ ಎಚ್ಚರಿಕೆ ವಿಪತ್ತು ಸನ್ನದ್ಧತೆ,ಬಲಪಡಿಸುವತ್ತ ಸರ್ಕಾರದ ಗಮನ ಹರಿಸಿದೆ. "ಎಚ್ಚರ ನಾಗರಿಕರು, ಸುರಕ್ಷಿತ ರಾಷ್ಟ್ರ" ಸಾಂಪ್ರದಾಯಿಕ ಸಂವಹನ ಮಾರ್ಗಗಳು ವಿಫಲಗೊಳ್ಳಬಹುದಾದ ಪ್ರದೇಶಗಳಲ್ಲಿಯೂ ಸಹ, ತುರ್ತು ಸಂದರ್ಭಗಳಲ್ಲಿ ಕೊನೆಯ ಮೈಲಿ ಸಂಪರ್ಕವನ್ನು ಖಚಿತಪಡಿಸಿಕೊಳ್ಳುವಲ್ಲಿ ಈ ವ್ಯವಸ್ಥೆಯು ನಿರ್ಣಾಯಕ ಪಾತ್ರ ವಹಿಸುತ್ತದೆ ಎಂದು ಅಧಿಕಾರಿಗಳು ಹೇಳಿದ್ದಾರೆ.
